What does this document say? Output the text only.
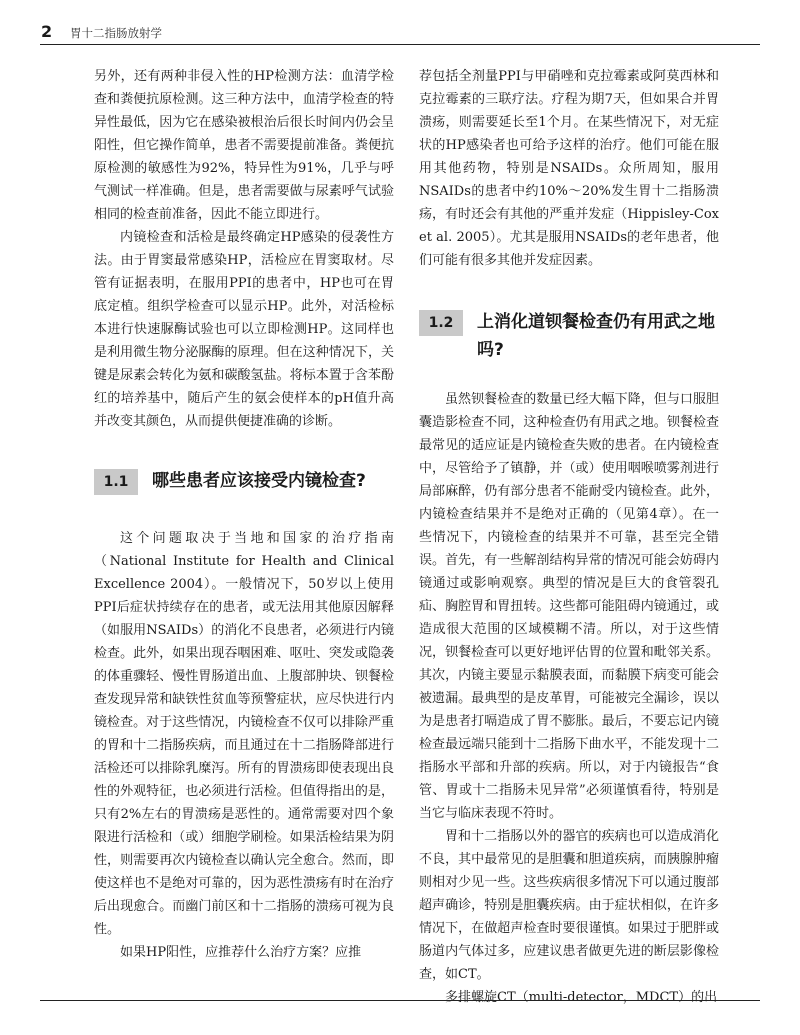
2 胃十二指肠放射学

另外，还有两种非侵入性的HP检测方法：血清学检查和粪便抗原检测。这三种方法中，血清学检查的特异性最低，因为它在感染被根治后很长时间内仍会呈阳性，但它操作简单，患者不需要提前准备。粪便抗原检测的敏感性为92%，特异性为91%，几乎与呼气测试一样准确。但是，患者需要做与尿素呼气试验相同的检查前准备，因此不能立即进行。

内镜检查和活检是最终确定HP感染的侵袭性方法。由于胃窦最常感染HP，活检应在胃窦取材。尽管有证据表明，在服用PPI的患者中，HP也可在胃底定植。组织学检查可以显示HP。此外，对活检标本进行快速脲酶试验也可以立即检测HP。这同样也是利用微生物分泌脲酶的原理。但在这种情况下，关键是尿素会转化为氨和碳酸氢盐。将标本置于含苯酚红的培养基中，随后产生的氨会使样本的pH值升高并改变其颜色，从而提供便捷准确的诊断。

1.1	哪些患者应该接受内镜检查?

这个问题取决于当地和国家的治疗指南（National Institute for Health and Clinical Excellence 2004）。一般情况下，50岁以上使用PPI后症状持续存在的患者，或无法用其他原因解释（如服用NSAIDs）的消化不良患者，必须进行内镜检查。此外，如果出现吞咽困难、呕吐、突发或隐袭的体重骤轻、慢性胃肠道出血、上腹部肿块、钡餐检查发现异常和缺铁性贫血等预警症状，应尽快进行内镜检查。对于这些情况，内镜检查不仅可以排除严重的胃和十二指肠疾病，而且通过在十二指肠降部进行活检还可以排除乳糜泻。所有的胃溃疡即使表现出良性的外观特征，也必须进行活检。但值得指出的是，只有2%左右的胃溃疡是恶性的。通常需要对四个象限进行活检和（或）细胞学刷检。如果活检结果为阴性，则需要再次内镜检查以确认完全愈合。然而，即使这样也不是绝对可靠的，因为恶性溃疡有时在治疗后出现愈合。而幽门前区和十二指肠的溃疡可视为良性。

如果HP阳性，应推荐什么治疗方案？应推

荐包括全剂量PPI与甲硝唑和克拉霉素或阿莫西林和克拉霉素的三联疗法。疗程为期7天，但如果合并胃溃疡，则需要延长至1个月。在某些情况下，对无症状的HP感染者也可给予这样的治疗。他们可能在服用其他药物，特别是NSAIDs。众所周知，服用NSAIDs的患者中约10%～20%发生胃十二指肠溃疡，有时还会有其他的严重并发症（Hippisley-Cox et al. 2005）。尤其是服用NSAIDs的老年患者，他们可能有很多其他并发症因素。

1.2	上消化道钡餐检查仍有用武之地吗?

虽然钡餐检查的数量已经大幅下降，但与口服胆囊造影检查不同，这种检查仍有用武之地。钡餐检查最常见的适应证是内镜检查失败的患者。在内镜检查中，尽管给予了镇静，并（或）使用咽喉喷雾剂进行局部麻醉，仍有部分患者不能耐受内镜检查。此外，内镜检查结果并不是绝对正确的（见第4章）。在一些情况下，内镜检查的结果并不可靠，甚至完全错误。首先，有一些解剖结构异常的情况可能会妨碍内镜通过或影响观察。典型的情况是巨大的食管裂孔疝、胸腔胃和胃扭转。这些都可能阻碍内镜通过，或造成很大范围的区域模糊不清。所以，对于这些情况，钡餐检查可以更好地评估胃的位置和毗邻关系。其次，内镜主要显示黏膜表面，而黏膜下病变可能会被遗漏。最典型的是皮革胃，可能被完全漏诊，误以为是患者打嗝造成了胃不膨胀。最后，不要忘记内镜检查最远端只能到十二指肠下曲水平，不能发现十二指肠水平部和升部的疾病。所以，对于内镜报告“食管、胃或十二指肠未见异常”必须谨慎看待，特别是当它与临床表现不符时。

胃和十二指肠以外的器官的疾病也可以造成消化不良，其中最常见的是胆囊和胆道疾病，而胰腺肿瘤则相对少见一些。这些疾病很多情况下可以通过腹部超声确诊，特别是胆囊疾病。由于症状相似，在许多情况下，在做超声检查时要很谨慎。如果过于肥胖或肠道内气体过多，应建议患者做更先进的断层影像检查，如CT。

多排螺旋CT（multi-detector，MDCT）的出
